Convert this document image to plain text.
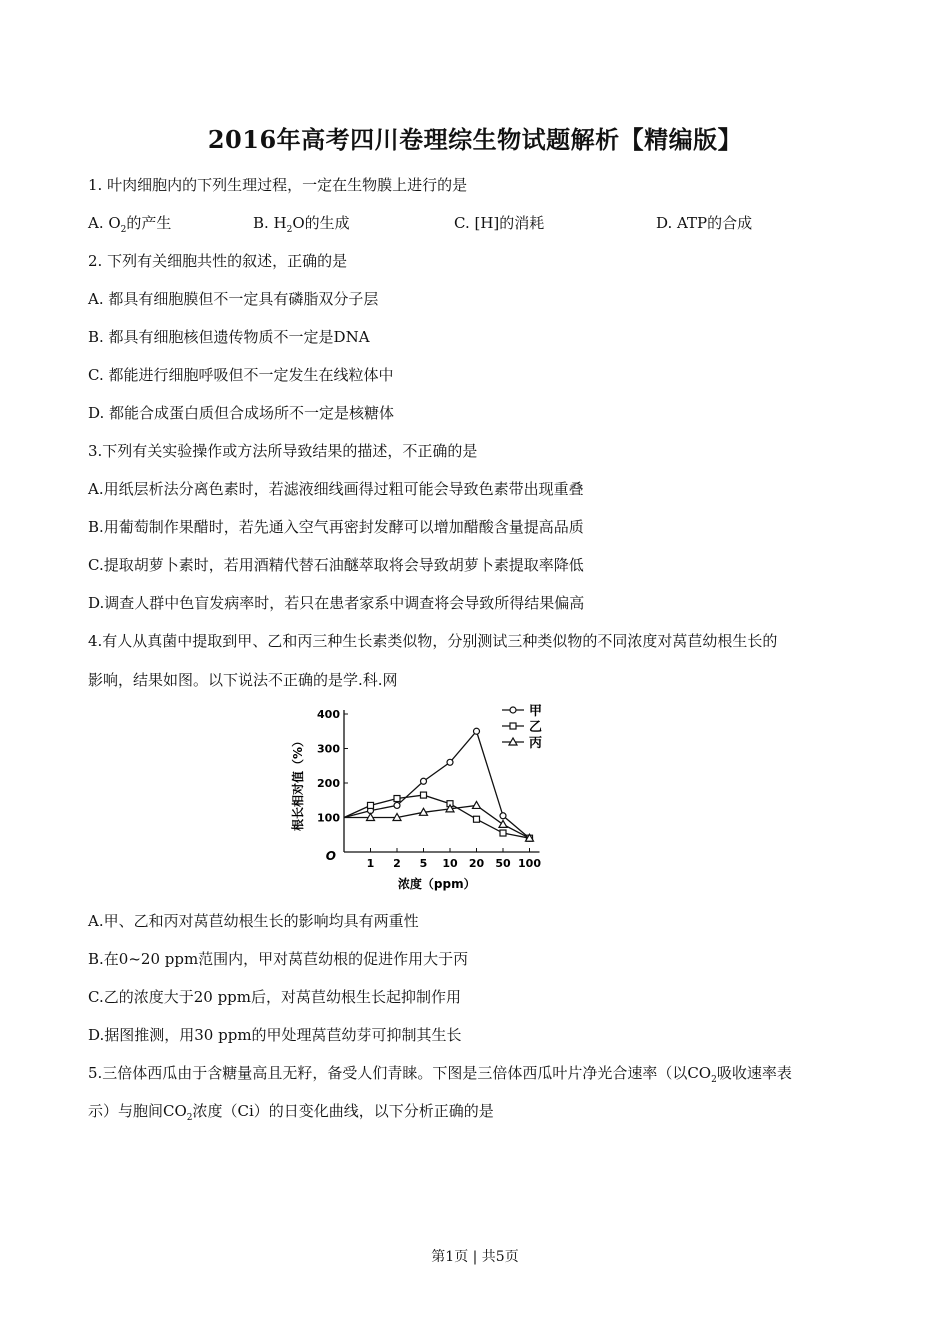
2016年高考四川卷理综生物试题解析【精编版】
1. 叶肉细胞内的下列生理过程，一定在生物膜上进行的是
A. $O_2$的产生	B. $H_2O$的生成	C. [H]的消耗	D. ATP的合成
2. 下列有关细胞共性的叙述，正确的是
A. 都具有细胞膜但不一定具有磷脂双分子层
B. 都具有细胞核但遗传物质不一定是DNA
C. 都能进行细胞呼吸但不一定发生在线粒体中
D. 都能合成蛋白质但合成场所不一定是核糖体
3.下列有关实验操作或方法所导致结果的描述，不正确的是
A.用纸层析法分离色素时，若滤液细线画得过粗可能会导致色素带出现重叠
B.用葡萄制作果醋时，若先通入空气再密封发酵可以增加醋酸含量提高品质
C.提取胡萝卜素时，若用酒精代替石油醚萃取将会导致胡萝卜素提取率降低
D.调查人群中色盲发病率时，若只在患者家系中调查将会导致所得结果偏高
4.有人从真菌中提取到甲、乙和丙三种生长素类似物，分别测试三种类似物的不同浓度对莴苣幼根生长的
影响，结果如图。以下说法不正确的是学.科.网
100
200
300
400
1 2 5 10 20 50 100
O
浓度（ppm）
根长相对值（%）
甲
乙
丙
A.甲、乙和丙对莴苣幼根生长的影响均具有两重性
B.在0~20 ppm范围内，甲对莴苣幼根的促进作用大于丙
C.乙的浓度大于20 ppm后，对莴苣幼根生长起抑制作用
D.据图推测，用30 ppm的甲处理莴苣幼芽可抑制其生长
5.三倍体西瓜由于含糖量高且无籽，备受人们青睐。下图是三倍体西瓜叶片净光合速率（以$CO_2$吸收速率表
示）与胞间$CO_2$浓度（Ci）的日变化曲线，以下分析正确的是
第1页 | 共5页
